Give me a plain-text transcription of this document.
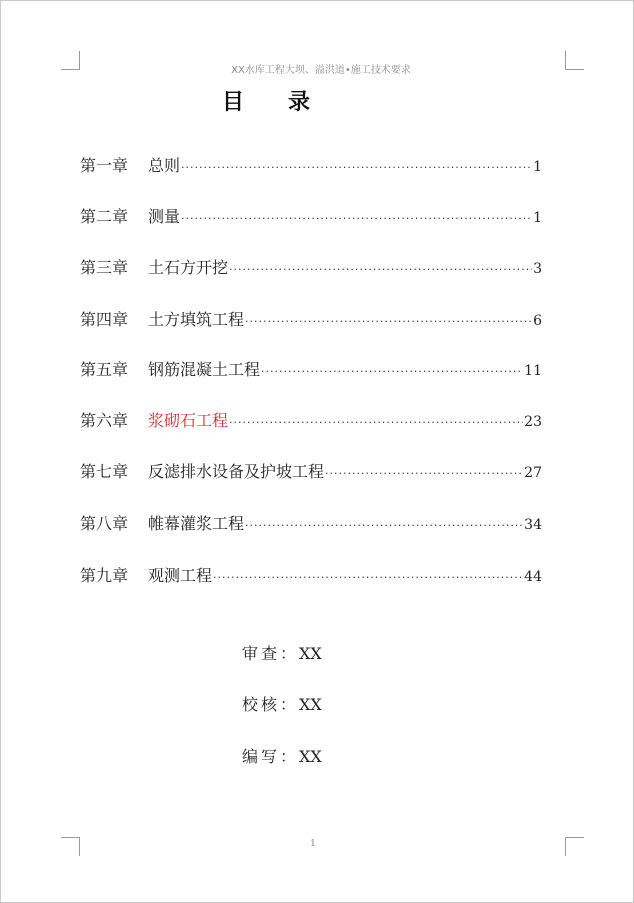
XX水库工程大坝、溢洪道•施工技术要求
目录
第一章 总则 ·····	1
第二章 测量 ·····	1
第三章 土石方开挖 ·····	3
第四章 土方填筑工程 ·····	6
第五章 钢筋混凝土工程 ·····	11
第六章 浆砌石工程 ·····	23
第七章 反滤排水设备及护坡工程 ·····	27
第八章 帷幕灌浆工程 ·····	34
第九章 观测工程 ·····	44
审查：XX
校核：XX
编写：XX
1
